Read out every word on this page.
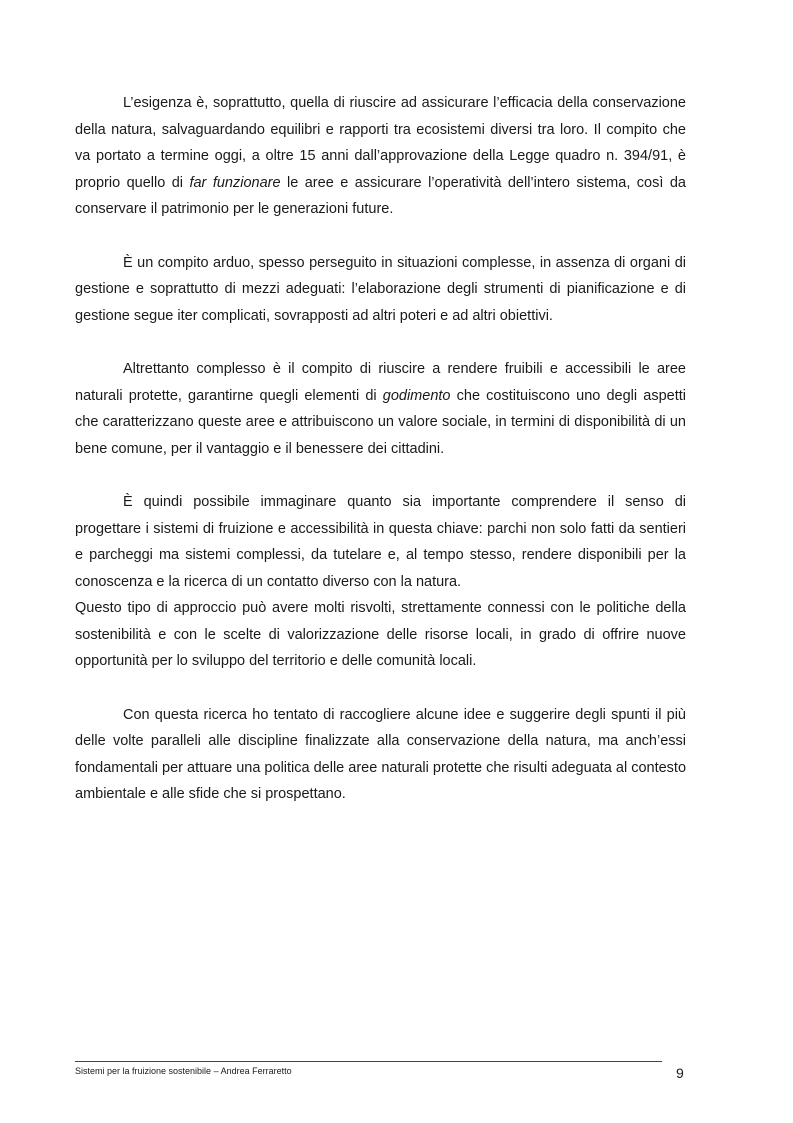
L’esigenza è, soprattutto, quella di riuscire ad assicurare l’efficacia della conservazione della natura, salvaguardando equilibri e rapporti tra ecosistemi diversi tra loro. Il compito che va portato a termine oggi, a oltre 15 anni dall’approvazione della Legge quadro n. 394/91, è proprio quello di far funzionare le aree e assicurare l’operatività dell’intero sistema, così da conservare il patrimonio per le generazioni future.

È un compito arduo, spesso perseguito in situazioni complesse, in assenza di organi di gestione e soprattutto di mezzi adeguati: l’elaborazione degli strumenti di pianificazione e di gestione segue iter complicati, sovrapposti ad altri poteri e ad altri obiettivi.

Altrettanto complesso è il compito di riuscire a rendere fruibili e accessibili le aree naturali protette, garantirne quegli elementi di godimento che costituiscono uno degli aspetti che caratterizzano queste aree e attribuiscono un valore sociale, in termini di disponibilità di un bene comune, per il vantaggio e il benessere dei cittadini.

È quindi possibile immaginare quanto sia importante comprendere il senso di progettare i sistemi di fruizione e accessibilità in questa chiave: parchi non solo fatti da sentieri e parcheggi ma sistemi complessi, da tutelare e, al tempo stesso, rendere disponibili per la conoscenza e la ricerca di un contatto diverso con la natura.

Questo tipo di approccio può avere molti risvolti, strettamente connessi con le politiche della sostenibilità e con le scelte di valorizzazione delle risorse locali, in grado di offrire nuove opportunità per lo sviluppo del territorio e delle comunità locali.

Con questa ricerca ho tentato di raccogliere alcune idee e suggerire degli spunti il più delle volte paralleli alle discipline finalizzate alla conservazione della natura, ma anch’essi fondamentali per attuare una politica delle aree naturali protette che risulti adeguata al contesto ambientale e alle sfide che si prospettano.

Sistemi per la fruizione sostenibile – Andrea Ferraretto	9
